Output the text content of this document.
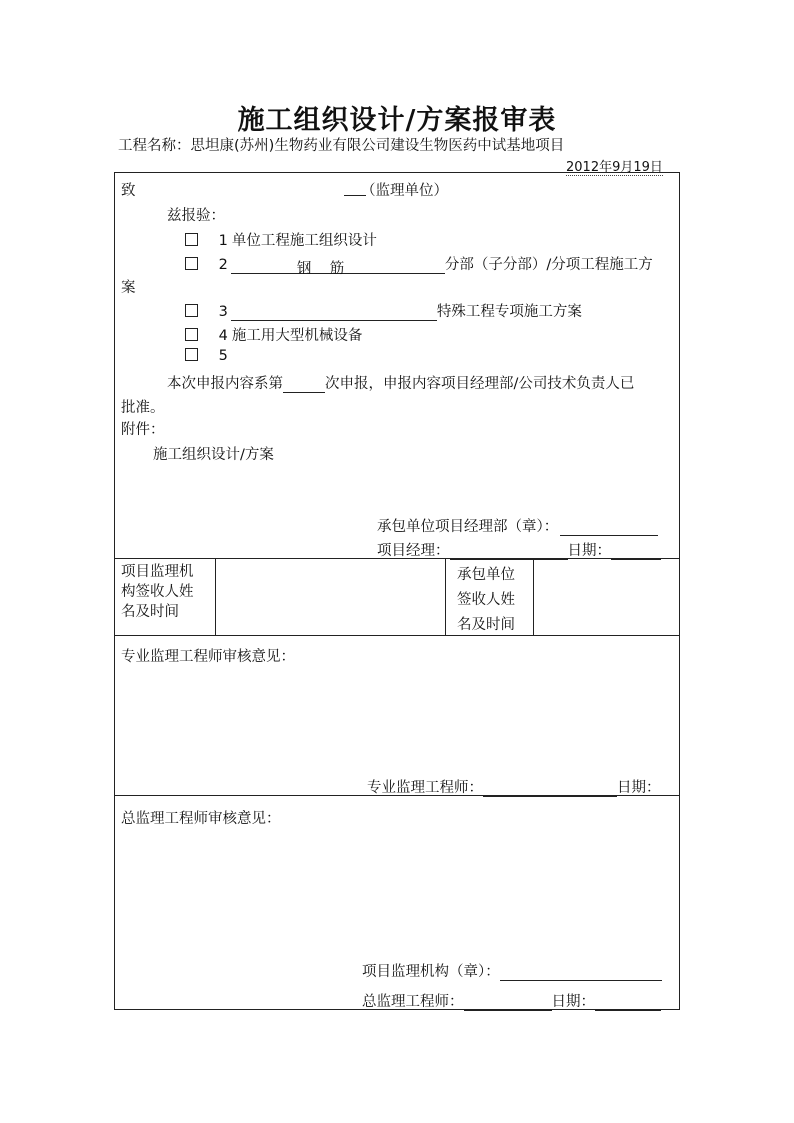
施工组织设计/方案报审表
工程名称：思坦康(苏州)生物药业有限公司建设生物医药中试基地项目
2012年9月19日
致	（监理单位）
兹报验：
1 单位工程施工组织设计
2	钢    筋	分部（子分部）/分项工程施工方
案
3	特殊工程专项施工方案
4 施工用大型机械设备
5
本次申报内容系第	次申报，申报内容项目经理部/公司技术负责人已
批准。
附件：
施工组织设计/方案
承包单位项目经理部（章）：
项目经理：	日期：
项目监理机
构签收人姓
名及时间
承包单位
签收人姓
名及时间
专业监理工程师审核意见：
专业监理工程师：	日期：
总监理工程师审核意见：
项目监理机构（章）：
总监理工程师：	日期：
